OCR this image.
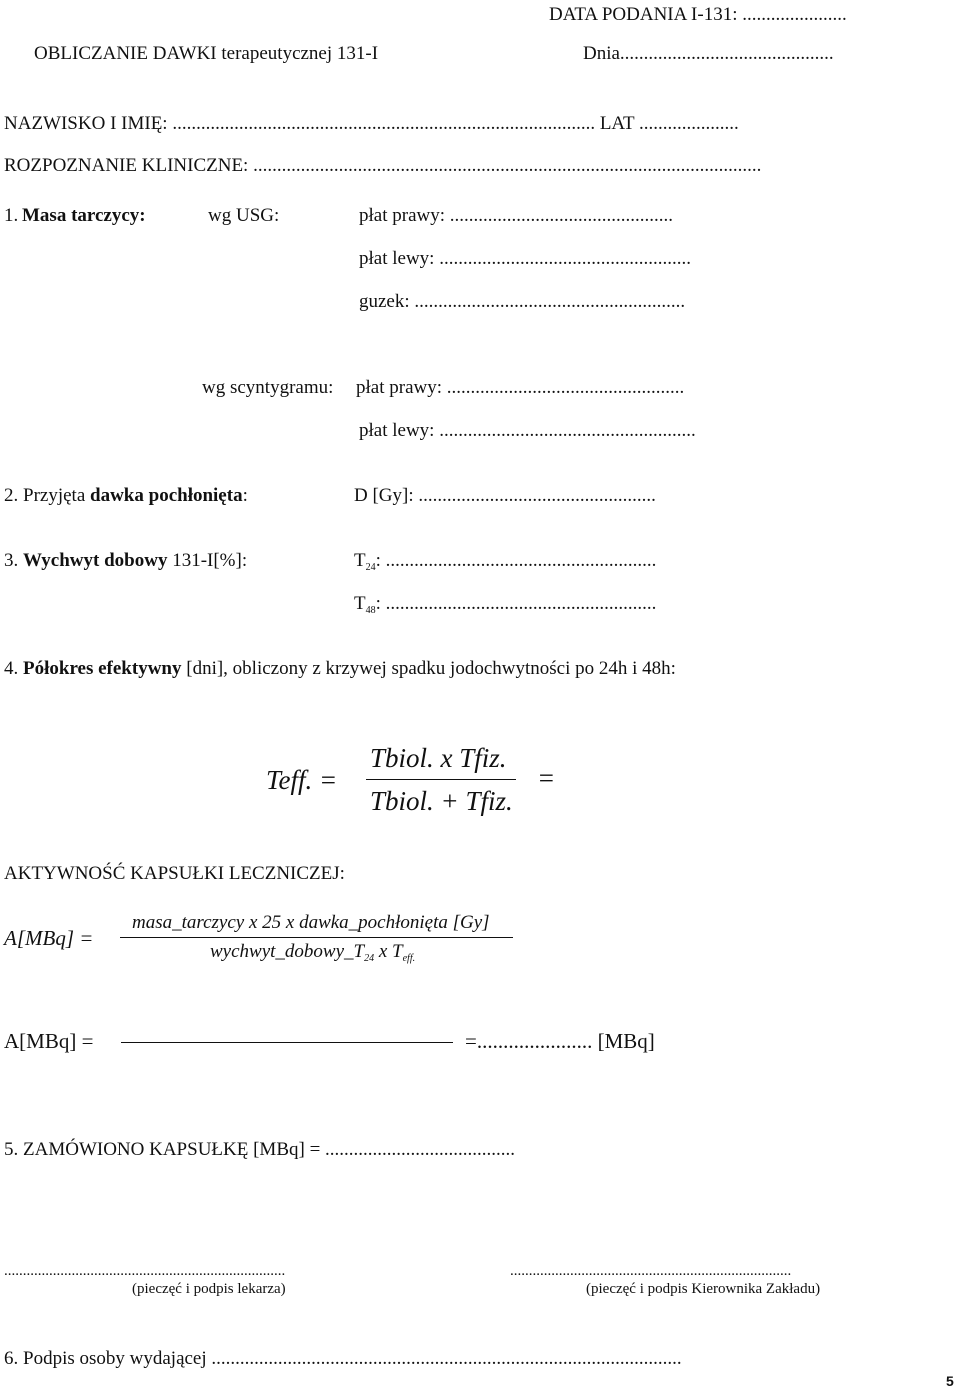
DATA PODANIA I-131: ......................
OBLICZANIE DAWKI terapeutycznej 131-I	Dnia.............................................
NAZWISKO I IMIĘ: ......................................................................................... LAT .....................
ROZPOZNANIE KLINICZNE: ...........................................................................................................
1. Masa tarczycy:	wg USG:	płat prawy: ...............................................
płat lewy: .....................................................
guzek: .........................................................
wg scyntygramu: płat prawy: ..................................................
płat lewy: ......................................................
2. Przyjęta dawka pochłonięta:	D [Gy]: ..................................................
3. Wychwyt dobowy 131-I[%]:	$T_{24}$: .........................................................
$T_{48}$: .........................................................
4. Półokres efektywny [dni], obliczony z krzywej spadku jodochwytności po 24h i 48h:
Teff. =
Tbiol. x Tfiz.
Tbiol. + Tfiz.
=
AKTYWNOŚĆ KAPSUŁKI LECZNICZEJ:
A[MBq] =
masa_tarczycy x 25 x dawka_pochłonięta [Gy]
$wychwyt\_dobowy\_T_{24}$ x $T_{eff.}$
A[MBq] =	=...................... [MBq]
5. ZAMÓWIONO KAPSUŁKĘ [MBq] = ........................................
...........................................................................
(pieczęć i podpis lekarza)
...........................................................................
(pieczęć i podpis Kierownika Zakładu)
6. Podpis osoby wydającej ...................................................................................................
5
